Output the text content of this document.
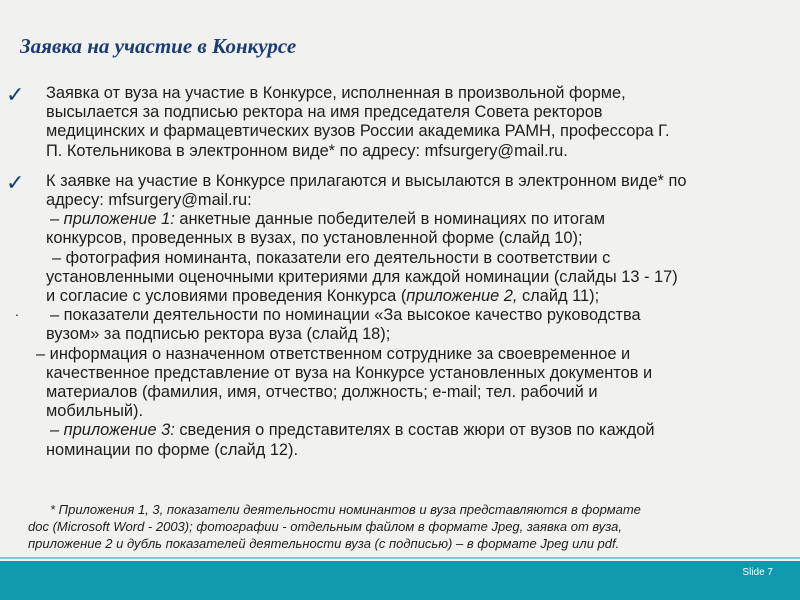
Заявка на участие в Конкурсе
✓ Заявка от вуза на участие в Конкурсе, исполненная в произвольной форме,
высылается за подписью ректора на имя председателя Совета ректоров
медицинских и фармацевтических вузов России академика РАМН, профессора Г.
П. Котельникова в электронном виде* по адресу: mfsurgery@mail.ru.
✓ К заявке на участие в Конкурсе прилагаются и высылаются в электронном виде* по
адресу: mfsurgery@mail.ru:
– приложение 1: анкетные данные победителей в номинациях по итогам
конкурсов, проведенных в вузах, по установленной форме (слайд 10);
– фотография номинанта, показатели его деятельности в соответствии с
установленными оценочными критериями для каждой номинации (слайды 13 - 17)
и согласие с условиями проведения Конкурса (приложение 2, слайд 11);
. – показатели деятельности по номинации «За высокое качество руководства
вузом» за подписью ректора вуза (слайд 18);
– информация о назначенном ответственном сотруднике за своевременное и
качественное представление от вуза на Конкурсе установленных документов и
материалов (фамилия, имя, отчество; должность; e-mail; тел. рабочий и
мобильный).
– приложение 3: сведения о представителях в состав жюри от вузов по каждой
номинации по форме (слайд 12).
* Приложения 1, 3, показатели деятельности номинантов и вуза представляются в формате
doc (Microsoft Word - 2003); фотографии - отдельным файлом в формате Jpeg, заявка от вуза,
приложение 2 и дубль показателей деятельности вуза (с подписью) – в формате Jpeg или pdf.
Slide 7
